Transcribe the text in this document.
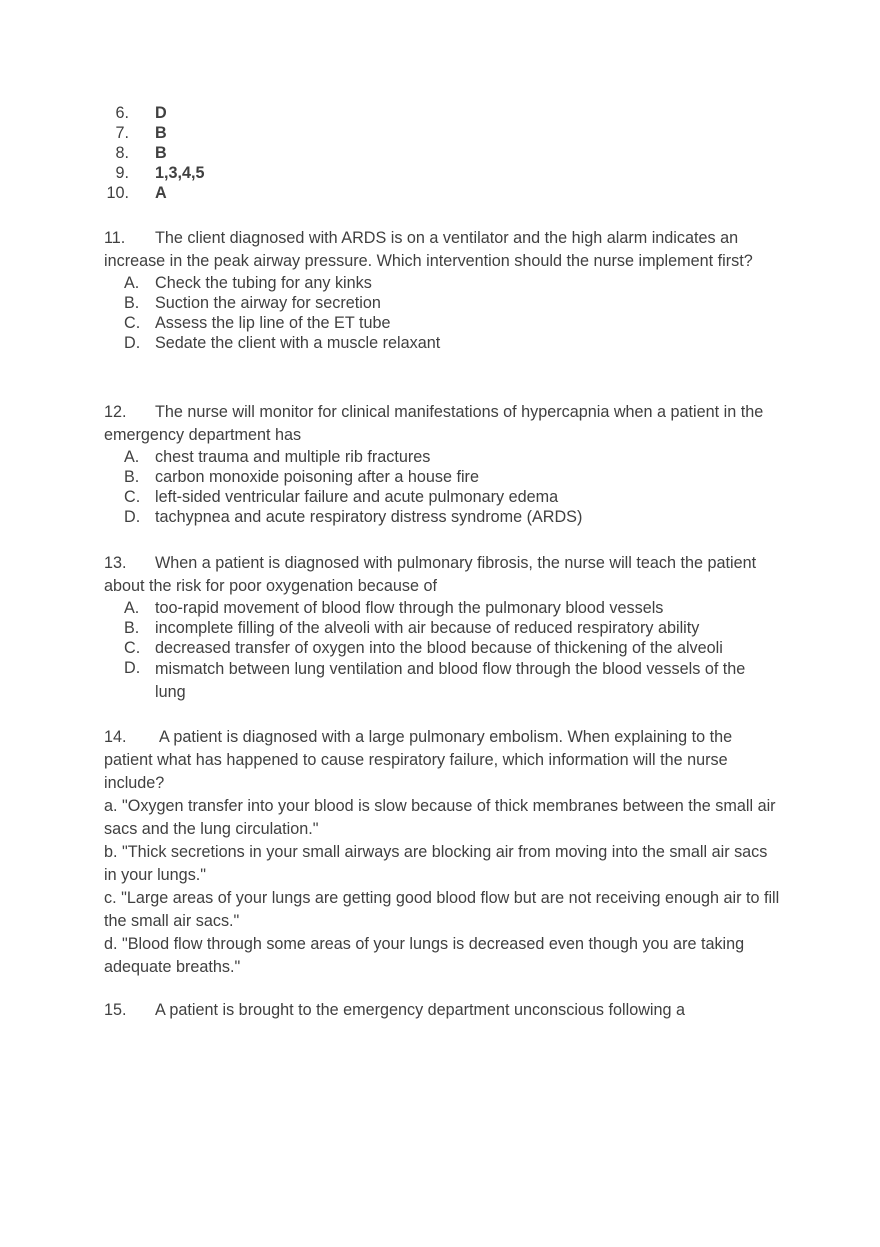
6. D
7. B
8. B
9. 1,3,4,5
10. A
11. The client diagnosed with ARDS is on a ventilator and the high alarm indicates an increase in the peak airway pressure. Which intervention should the nurse implement first?
A. Check the tubing for any kinks
B. Suction the airway for secretion
C. Assess the lip line of the ET tube
D. Sedate the client with a muscle relaxant
12. The nurse will monitor for clinical manifestations of hypercapnia when a patient in the emergency department has
A. chest trauma and multiple rib fractures
B. carbon monoxide poisoning after a house fire
C. left-sided ventricular failure and acute pulmonary edema
D. tachypnea and acute respiratory distress syndrome (ARDS)
13. When a patient is diagnosed with pulmonary fibrosis, the nurse will teach the patient about the risk for poor oxygenation because of
A. too-rapid movement of blood flow through the pulmonary blood vessels
B. incomplete filling of the alveoli with air because of reduced respiratory ability
C. decreased transfer of oxygen into the blood because of thickening of the alveoli
D. mismatch between lung ventilation and blood flow through the blood vessels of the lung
14. A patient is diagnosed with a large pulmonary embolism. When explaining to the patient what has happened to cause respiratory failure, which information will the nurse include?
a. "Oxygen transfer into your blood is slow because of thick membranes between the small air sacs and the lung circulation."
b. "Thick secretions in your small airways are blocking air from moving into the small air sacs in your lungs."
c. "Large areas of your lungs are getting good blood flow but are not receiving enough air to fill the small air sacs."
d. "Blood flow through some areas of your lungs is decreased even though you are taking adequate breaths."
15. A patient is brought to the emergency department unconscious following a
